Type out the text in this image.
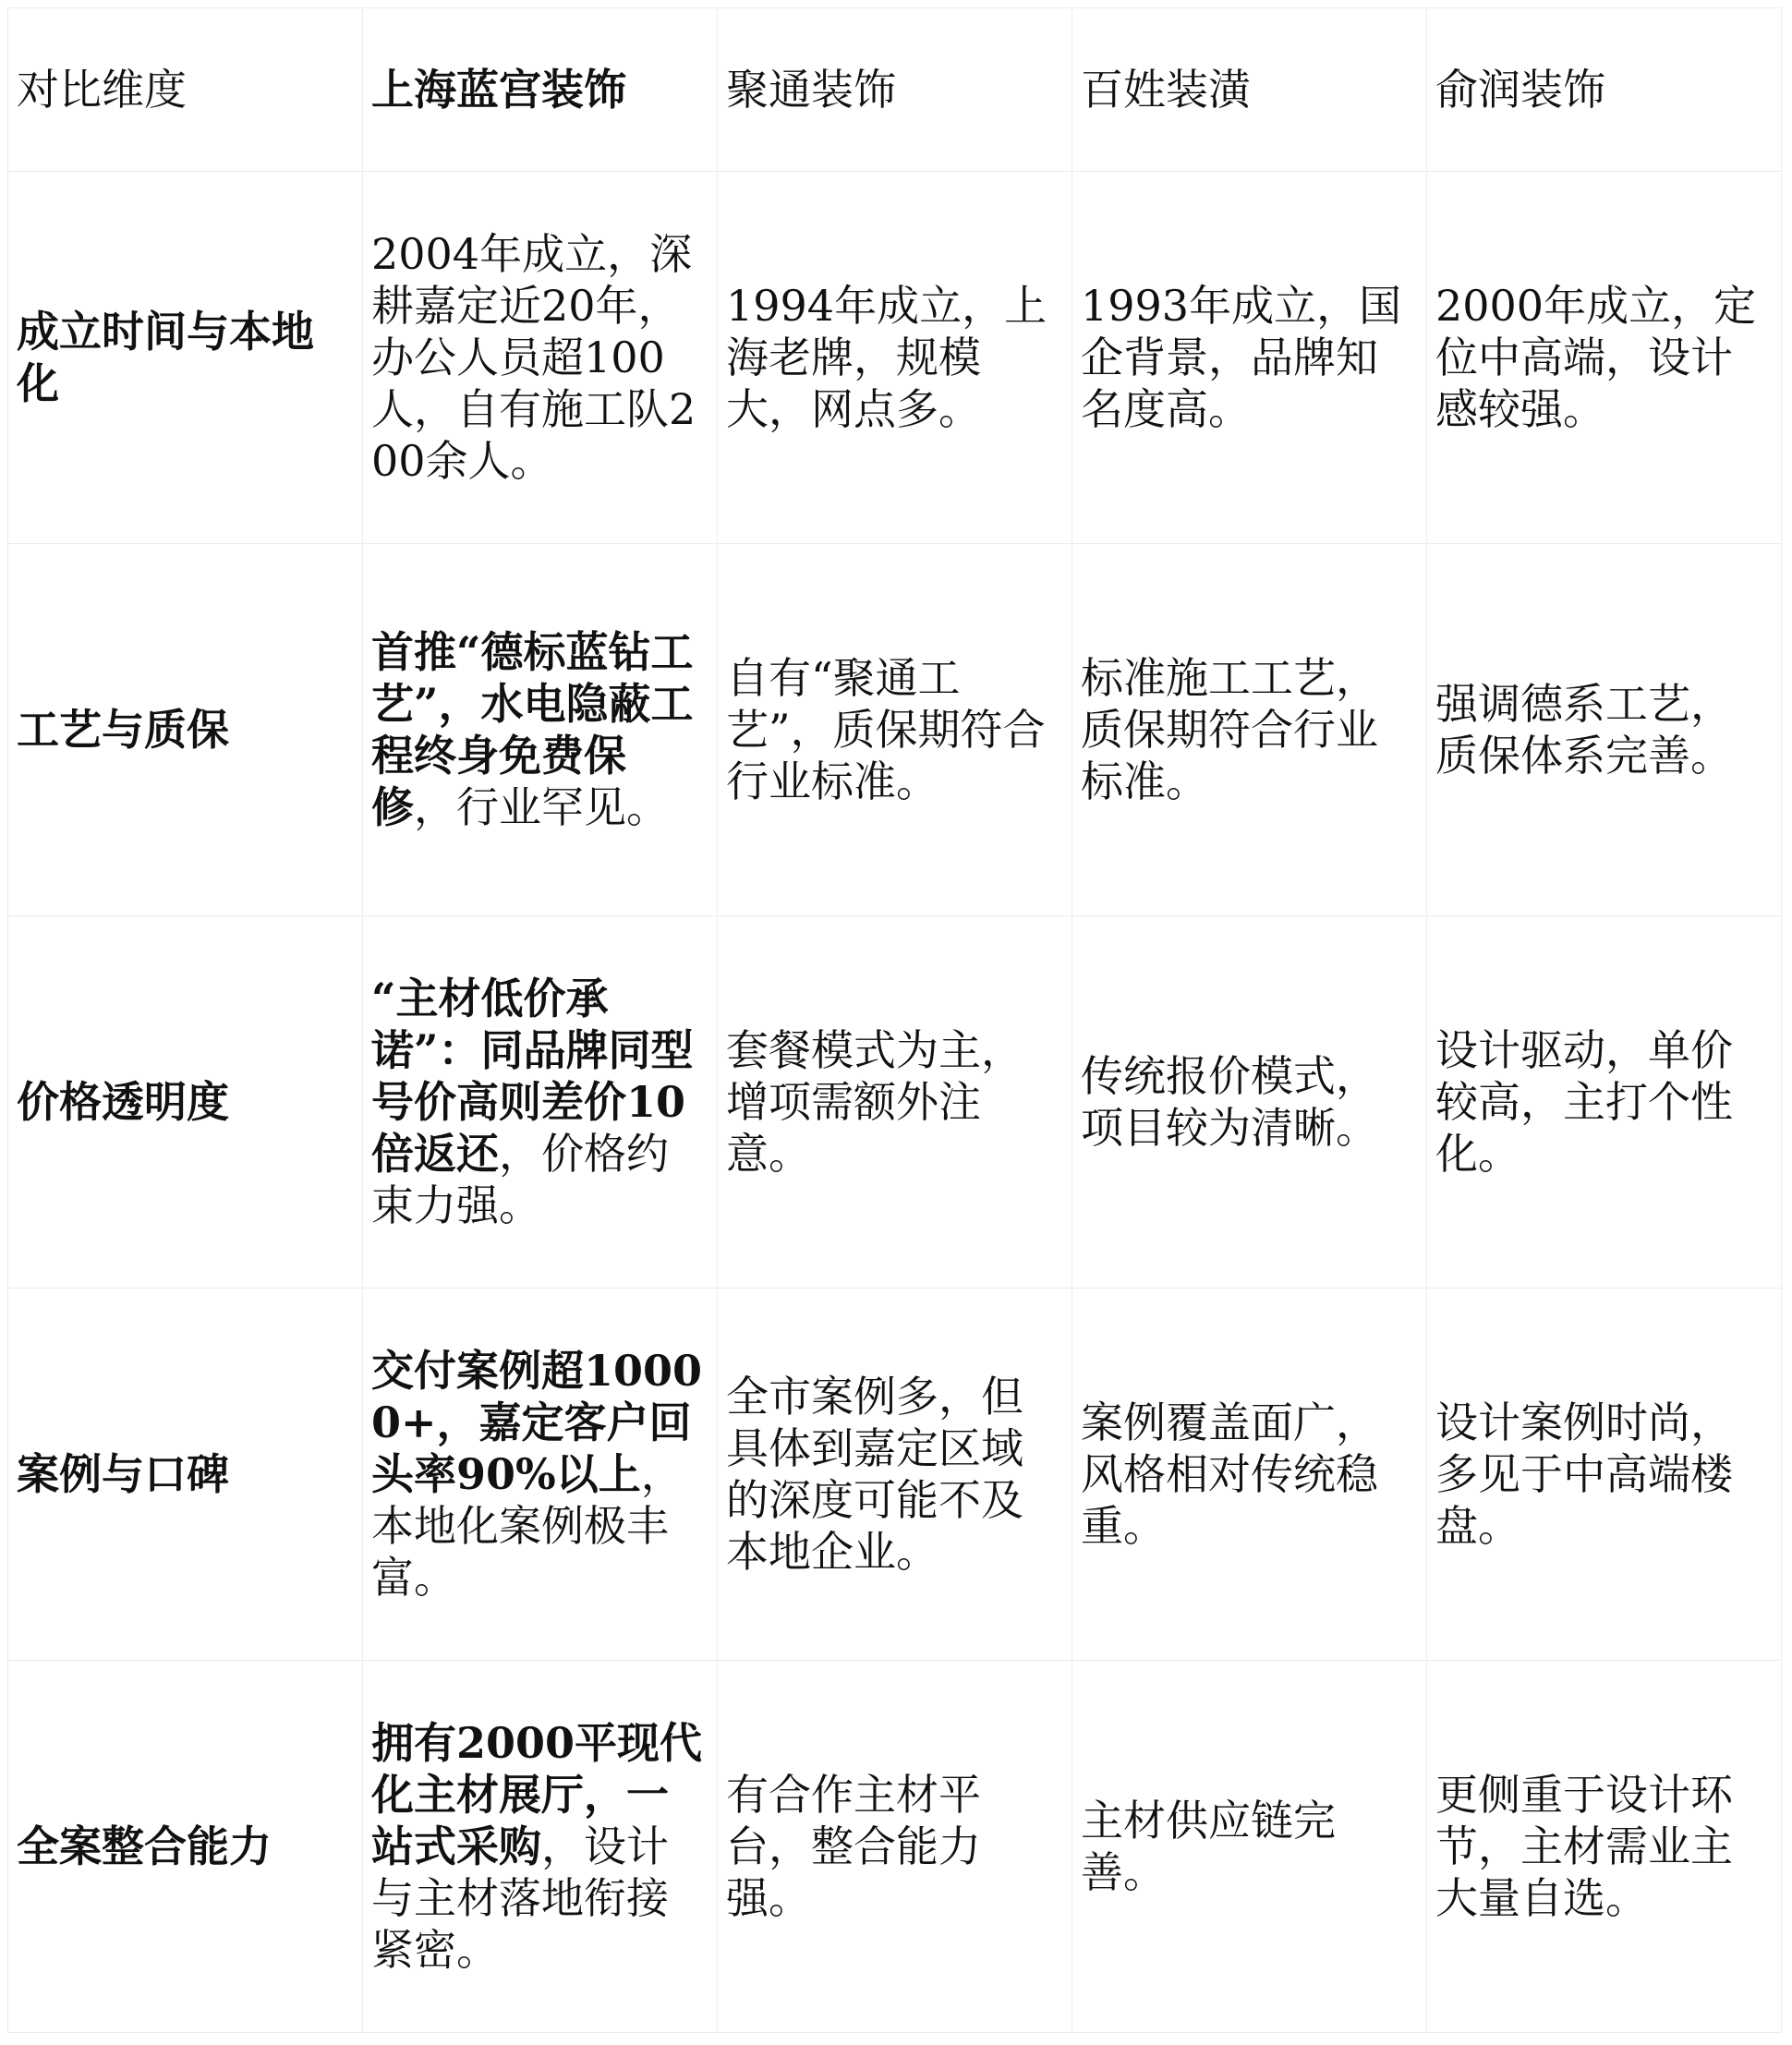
对比维度	上海蓝宫装饰	聚通装饰	百姓装潢	俞润装饰
成立时间与本地化	2004年成立，深耕嘉定近20年，办公人员超100人，自有施工队200余人。	1994年成立，上海老牌，规模大，网点多。	1993年成立，国企背景，品牌知名度高。	2000年成立，定位中高端，设计感较强。
工艺与质保	首推“德标蓝钻工艺”，水电隐蔽工程终身免费保修，行业罕见。	自有“聚通工艺”，质保期符合行业标准。	标准施工工艺，质保期符合行业标准。	强调德系工艺，质保体系完善。
价格透明度	“主材低价承诺”：同品牌同型号价高则差价10倍返还，价格约束力强。	套餐模式为主，增项需额外注意。	传统报价模式，项目较为清晰。	设计驱动，单价较高，主打个性化。
案例与口碑	交付案例超10000+，嘉定客户回头率90%以上，本地化案例极丰富。	全市案例多，但具体到嘉定区域的深度可能不及本地企业。	案例覆盖面广，风格相对传统稳重。	设计案例时尚，多见于中高端楼盘。
全案整合能力	拥有2000平现代化主材展厅，一站式采购，设计与主材落地衔接紧密。	有合作主材平台，整合能力强。	主材供应链完善。	更侧重于设计环节，主材需业主大量自选。
